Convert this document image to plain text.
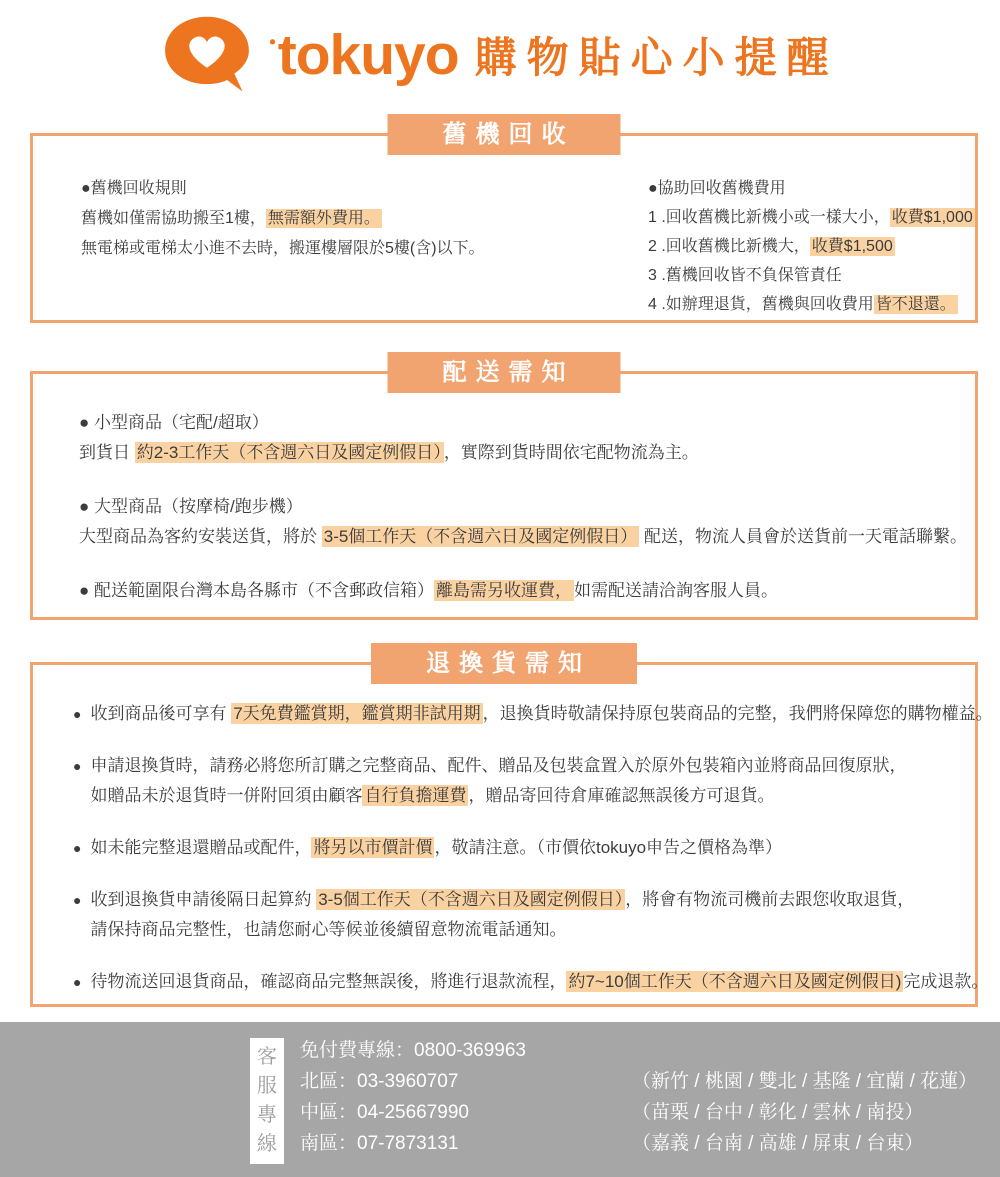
• tokuyo 購物貼心小提醒
舊機回收
●舊機回收規則
舊機如僅需協助搬至1樓， 無需額外費用。
無電梯或電梯太小進不去時，搬運樓層限於5樓(含)以下。
●協助回收舊機費用
1 .回收舊機比新機小或一樣大小， 收費$1,000
2 .回收舊機比新機大， 收費$1,500
3 .舊機回收皆不負保管責任
4 .如辦理退貨，舊機與回收費用 皆不退還。
配送需知
● 小型商品（宅配/超取）
到貨日 約2-3工作天（不含週六日及國定例假日） ，實際到貨時間依宅配物流為主。
● 大型商品（按摩椅/跑步機）
大型商品為客約安裝送貨，將於 3-5個工作天（不含週六日及國定例假日） 配送，物流人員會於送貨前一天電話聯繫。
● 配送範圍限台灣本島各縣市（不含郵政信箱） 離島需另收運費， 如需配送請洽詢客服人員。
退換貨需知
● 收到商品後可享有 7天免費鑑賞期，鑑賞期非試用期 ，退換貨時敬請保持原包裝商品的完整，我們將保障您的購物權益。
● 申請退換貨時，請務必將您所訂購之完整商品、配件、贈品及包裝盒置入於原外包裝箱內並將商品回復原狀，
如贈品未於退貨時一併附回須由顧客 自行負擔運費 ，贈品寄回待倉庫確認無誤後方可退貨。
● 如未能完整退還贈品或配件， 將另以市價計價 ，敬請注意。（市價依tokuyo申告之價格為準）
● 收到退換貨申請後隔日起算約 3-5個工作天（不含週六日及國定例假日） ，將會有物流司機前去跟您收取退貨，
請保持商品完整性，也請您耐心等候並後續留意物流電話通知。
● 待物流送回退貨商品，確認商品完整無誤後，將進行退款流程， 約7~10個工作天（不含週六日及國定例假日) 完成退款。
客
服
專
線
免付費專線：0800-369963
北區：03-3960707	（新竹 / 桃園 / 雙北 / 基隆 / 宜蘭 / 花蓮）
中區：04-25667990	（苗栗 / 台中 / 彰化 / 雲林 / 南投）
南區：07-7873131	（嘉義 / 台南 / 高雄 / 屏東 / 台東）
